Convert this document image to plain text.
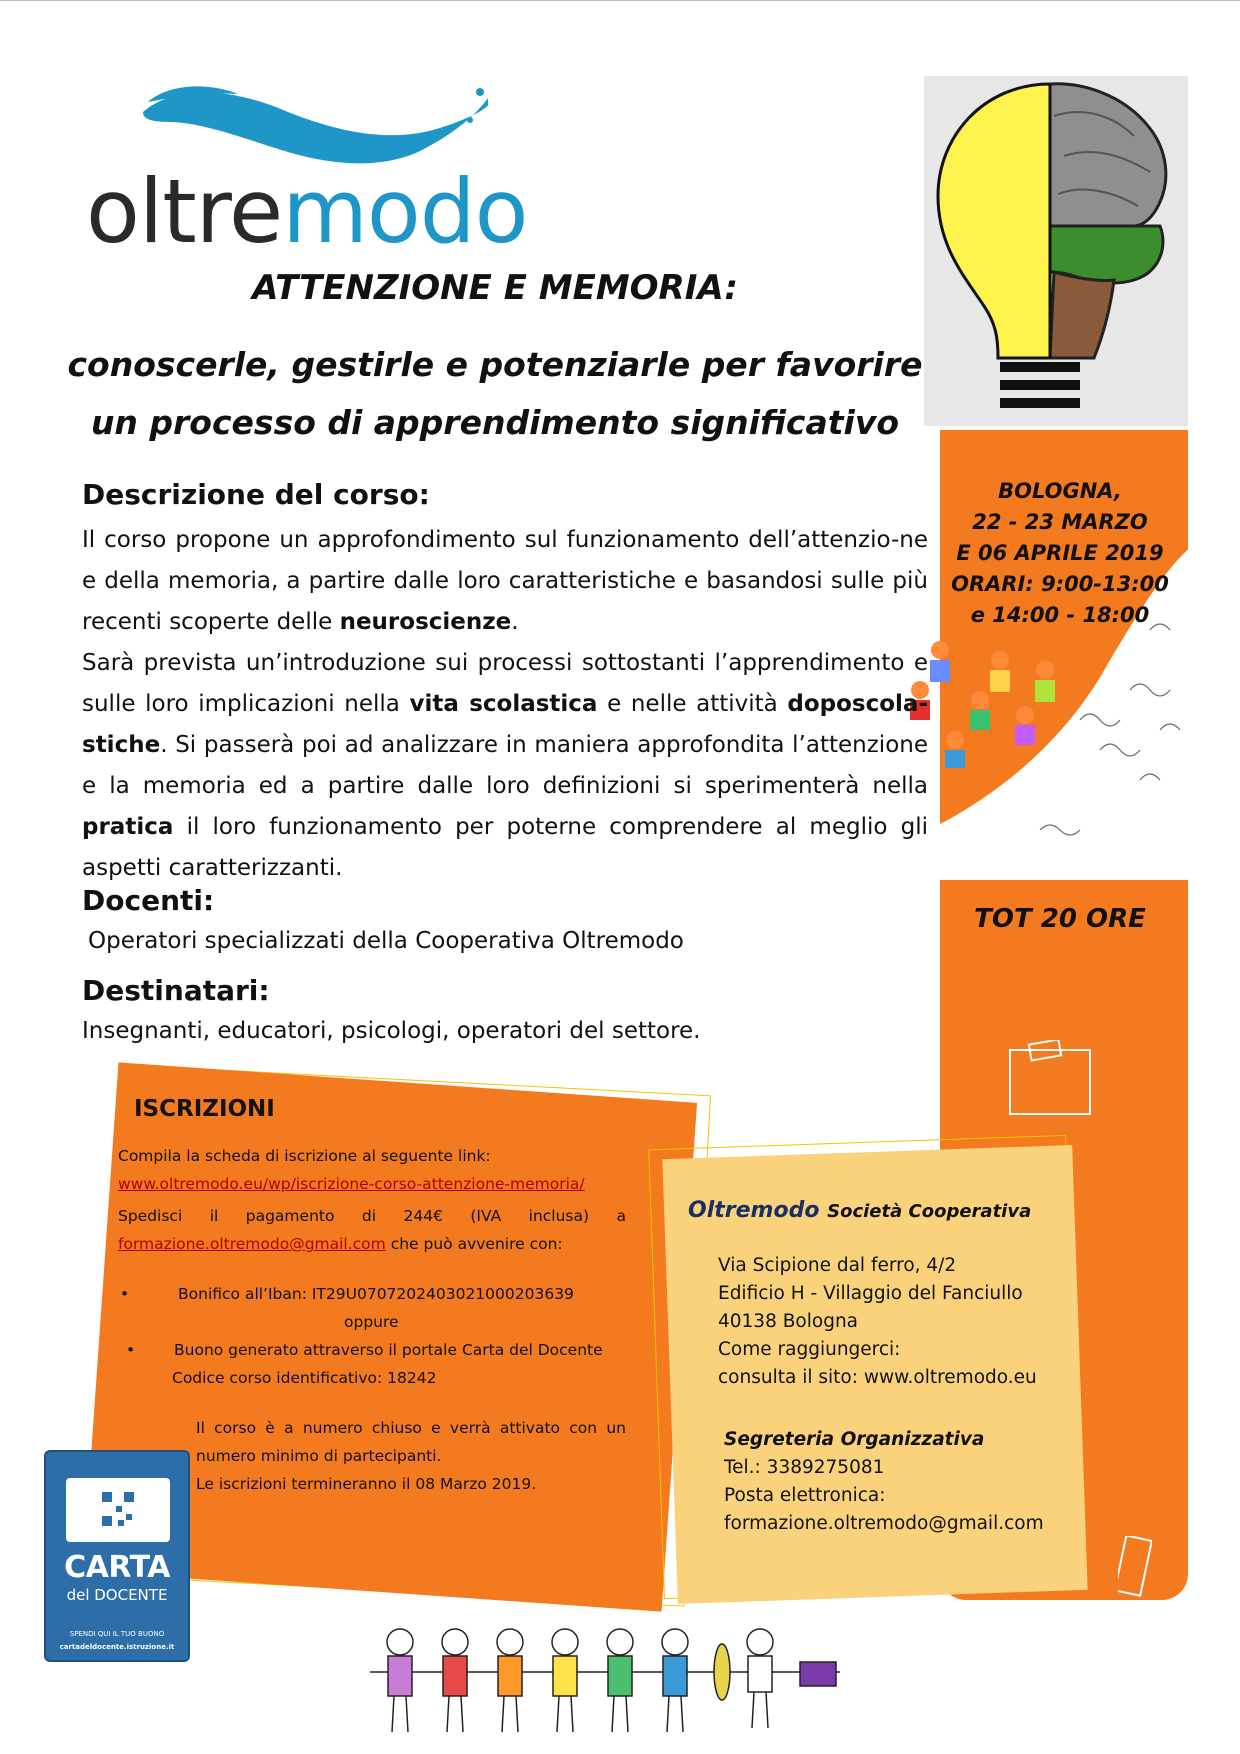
oltremodo
ATTENZIONE E MEMORIA:
conoscerle, gestirle e potenziarle per favorire
un processo di apprendimento significativo
BOLOGNA,
22 - 23 MARZO
E 06 APRILE 2019
ORARI: 9:00-13:00
e 14:00 - 18:00
TOT 20 ORE
Descrizione del corso:

Il corso propone un approfondimento sul funzionamento dell’attenzio-ne e della memoria, a partire dalle loro caratteristiche e basandosi sulle più recenti scoperte delle neuroscienze.

Sarà prevista un’introduzione sui processi sottostanti l’apprendimento e sulle loro implicazioni nella vita scolastica e nelle attività doposcola-stiche. Si passerà poi ad analizzare in maniera approfondita l’attenzione e la memoria ed a partire dalle loro definizioni si sperimenterà nella pratica il loro funzionamento per poterne comprendere al meglio gli aspetti caratterizzanti.

Docenti:
Operatori specializzati della Cooperativa Oltremodo
Destinatari:
Insegnanti, educatori, psicologi, operatori del settore.
ISCRIZIONI

Compila la scheda di iscrizione al seguente link:

www.oltremodo.eu/wp/iscrizione-corso-attenzione-memoria/

Spedisci il pagamento di 244€ (IVA inclusa) a

formazione.oltremodo@gmail.com che può avvenire con:

•	Bonifico all’Iban: IT29U0707202403021000203639

oppure

•	Buono generato attraverso il portale Carta del Docente

Codice corso identificativo: 18242

Il corso è a numero chiuso e verrà attivato con un

numero minimo di partecipanti.

Le iscrizioni termineranno il 08 Marzo 2019.

Oltremodo Società Cooperativa
Via Scipione dal ferro, 4/2
Edificio H - Villaggio del Fanciullo
40138 Bologna
Come raggiungerci:
consulta il sito: www.oltremodo.eu
Segreteria Organizzativa
Tel.: 3389275081
Posta elettronica:
formazione.oltremodo@gmail.com
CARTA
del DOCENTE
SPENDI QUI IL TUO BUONO
cartadeldocente.istruzione.it
